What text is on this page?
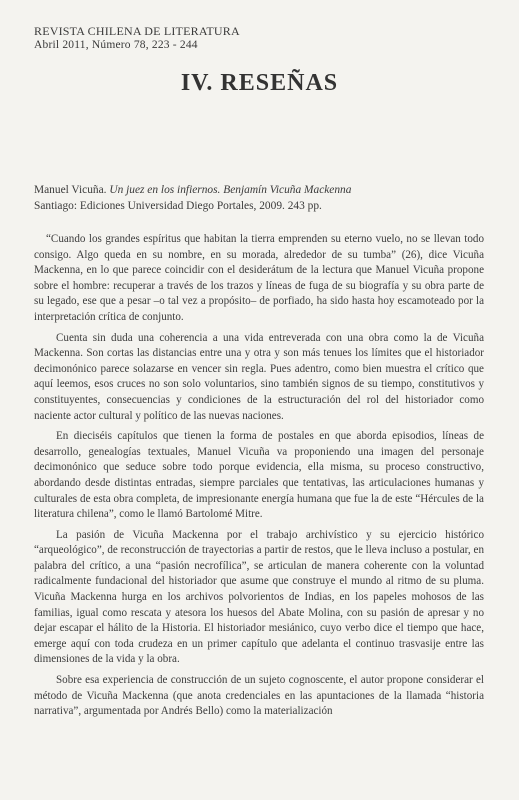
REVISTA CHILENA DE LITERATURA
Abril 2011, Número 78, 223 - 244
IV. RESEÑAS
Manuel Vicuña. Un juez en los infiernos. Benjamín Vicuña Mackenna
Santiago: Ediciones Universidad Diego Portales, 2009. 243 pp.

“Cuando los grandes espíritus que habitan la tierra emprenden su eterno vuelo, no se llevan todo consigo. Algo queda en su nombre, en su morada, alrededor de su tumba” (26), dice Vicuña Mackenna, en lo que parece coincidir con el desiderátum de la lectura que Manuel Vicuña propone sobre el hombre: recuperar a través de los trazos y líneas de fuga de su biografía y su obra parte de su legado, ese que a pesar –o tal vez a propósito– de porfiado, ha sido hasta hoy escamoteado por la interpretación crítica de conjunto.

Cuenta sin duda una coherencia a una vida entreverada con una obra como la de Vicuña Mackenna. Son cortas las distancias entre una y otra y son más tenues los límites que el historiador decimonónico parece solazarse en vencer sin regla. Pues adentro, como bien muestra el crítico que aquí leemos, esos cruces no son solo voluntarios, sino también signos de su tiempo, constitutivos y constituyentes, consecuencias y condiciones de la estructuración del rol del historiador como naciente actor cultural y político de las nuevas naciones.

En dieciséis capítulos que tienen la forma de postales en que aborda episodios, líneas de desarrollo, genealogías textuales, Manuel Vicuña va proponiendo una imagen del personaje decimonónico que seduce sobre todo porque evidencia, ella misma, su proceso constructivo, abordando desde distintas entradas, siempre parciales que tentativas, las articulaciones humanas y culturales de esta obra completa, de impresionante energía humana que fue la de este “Hércules de la literatura chilena”, como le llamó Bartolomé Mitre.

La pasión de Vicuña Mackenna por el trabajo archivístico y su ejercicio histórico “arqueológico”, de reconstrucción de trayectorias a partir de restos, que le lleva incluso a postular, en palabra del crítico, a una “pasión necrofílica”, se articulan de manera coherente con la voluntad radicalmente fundacional del historiador que asume que construye el mundo al ritmo de su pluma. Vicuña Mackenna hurga en los archivos polvorientos de Indias, en los papeles mohosos de las familias, igual como rescata y atesora los huesos del Abate Molina, con su pasión de apresar y no dejar escapar el hálito de la Historia. El historiador mesiánico, cuyo verbo dice el tiempo que hace, emerge aquí con toda crudeza en un primer capítulo que adelanta el continuo trasvasije entre las dimensiones de la vida y la obra.

Sobre esa experiencia de construcción de un sujeto cognoscente, el autor propone considerar el método de Vicuña Mackenna (que anota credenciales en las apuntaciones de la llamada “historia narrativa”, argumentada por Andrés Bello) como la materialización
